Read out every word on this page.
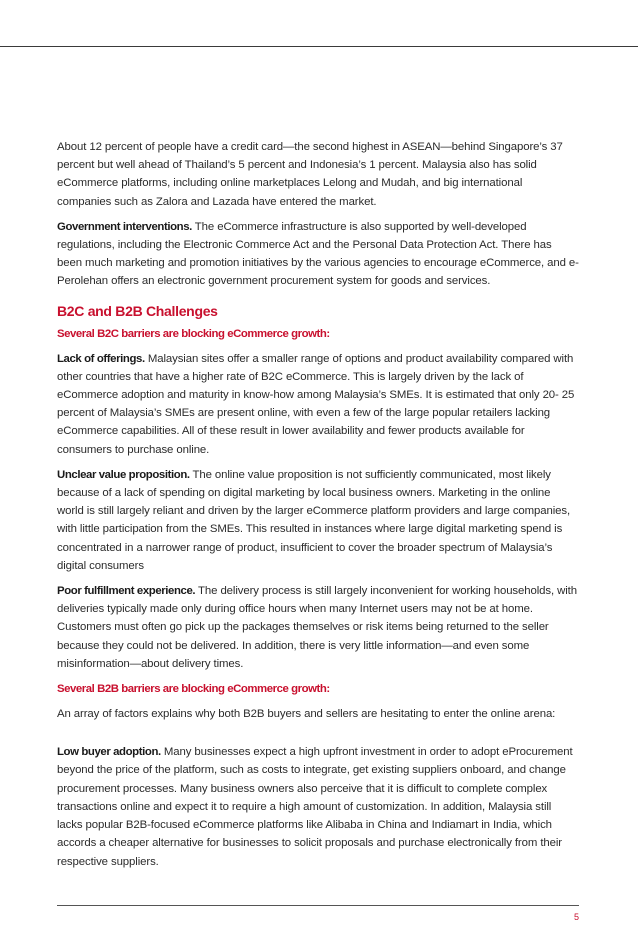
About 12 percent of people have a credit card—the second highest in ASEAN—behind Singapore’s 37 percent but well ahead of Thailand’s 5 percent and Indonesia’s 1 percent. Malaysia also has solid eCommerce platforms, including online marketplaces Lelong and Mudah, and big international companies such as Zalora and Lazada have entered the market.

Government interventions. The eCommerce infrastructure is also supported by well-developed regulations, including the Electronic Commerce Act and the Personal Data Protection Act. There has been much marketing and promotion initiatives by the various agencies to encourage eCommerce, and e-Perolehan offers an electronic government procurement system for goods and services.

B2C and B2B Challenges
Several B2C barriers are blocking eCommerce growth:

Lack of offerings. Malaysian sites offer a smaller range of options and product availability compared with other countries that have a higher rate of B2C eCommerce. This is largely driven by the lack of eCommerce adoption and maturity in know-how among Malaysia’s SMEs. It is estimated that only 20- 25 percent of Malaysia’s SMEs are present online, with even a few of the large popular retailers lacking eCommerce capabilities. All of these result in lower availability and fewer products available for consumers to purchase online.

Unclear value proposition. The online value proposition is not sufficiently communicated, most likely because of a lack of spending on digital marketing by local business owners. Marketing in the online world is still largely reliant and driven by the larger eCommerce platform providers and large companies, with little participation from the SMEs. This resulted in instances where large digital marketing spend is concentrated in a narrower range of product, insufficient to cover the broader spectrum of Malaysia’s digital consumers

Poor fulfillment experience. The delivery process is still largely inconvenient for working households, with deliveries typically made only during office hours when many Internet users may not be at home. Customers must often go pick up the packages themselves or risk items being returned to the seller because they could not be delivered. In addition, there is very little information—and even some misinformation—about delivery times.

Several B2B barriers are blocking eCommerce growth:

An array of factors explains why both B2B buyers and sellers are hesitating to enter the online arena:

Low buyer adoption. Many businesses expect a high upfront investment in order to adopt eProcurement beyond the price of the platform, such as costs to integrate, get existing suppliers onboard, and change procurement processes. Many business owners also perceive that it is difficult to complete complex transactions online and expect it to require a high amount of customization. In addition, Malaysia still lacks popular B2B-focused eCommerce platforms like Alibaba in China and Indiamart in India, which accords a cheaper alternative for businesses to solicit proposals and purchase electronically from their respective suppliers.

5
